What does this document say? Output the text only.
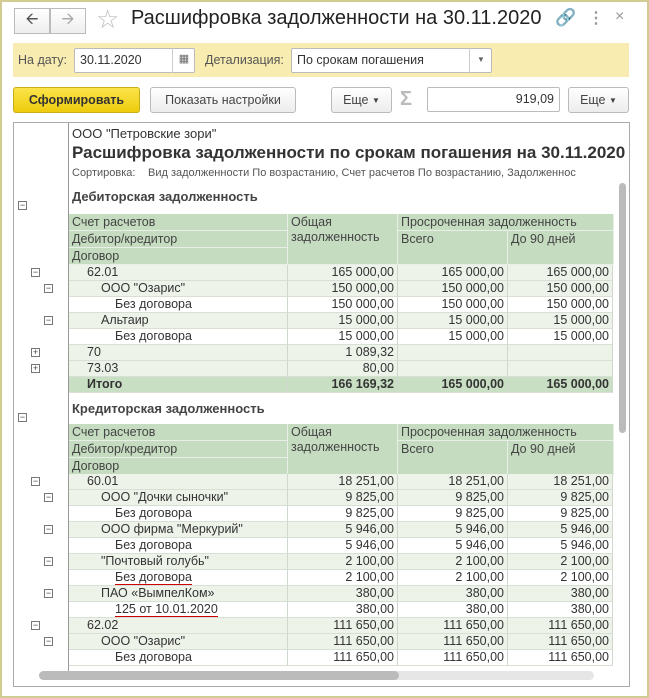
🡨 🡪 ☆ Расшифровка задолженности на 30.11.2020 🔗 ⋮ ×
На дату:	30.11.2020	▦	Детализация:	По срокам погашения	▼
Сформировать	Показать настройки	Еще
▼ Σ	919,09	Еще
▼
ООО "Петровские зори"
Расшифровка задолженности по срокам погашения на 30.11.2020
Сортировка: Вид задолженности По возрастанию, Счет расчетов По возрастанию, Задолженнос
Дебиторская задолженность
−
Счет расчетов
Дебитор/кредитор
Договор
Общая задолженность
Просроченная задолженность
Всего	До 90 дней
62.01	165 000,00	165 000,00	165 000,00
−
ООО "Озарис"	150 000,00	150 000,00	150 000,00
−
Без договора	150 000,00	150 000,00	150 000,00
Альтаир	15 000,00	15 000,00	15 000,00
−
Без договора	15 000,00	15 000,00	15 000,00
70	1 089,32
+
73.03	80,00
+
Итого	166 169,32	165 000,00	165 000,00
Кредиторская задолженность
−
Счет расчетов
Дебитор/кредитор
Договор
Общая задолженность
Просроченная задолженность
Всего	До 90 дней
60.01	18 251,00	18 251,00	18 251,00
−
ООО "Дочки сыночки"	9 825,00	9 825,00	9 825,00
−
Без договора	9 825,00	9 825,00	9 825,00
ООО фирма "Меркурий"	5 946,00	5 946,00	5 946,00
−
Без договора	5 946,00	5 946,00	5 946,00
"Почтовый голубь"	2 100,00	2 100,00	2 100,00
−
Без договора	2 100,00	2 100,00	2 100,00
ПАО «ВымпелКом»	380,00	380,00	380,00
−
125 от 10.01.2020	380,00	380,00	380,00
62.02	111 650,00	111 650,00	111 650,00
−
ООО "Озарис"	111 650,00	111 650,00	111 650,00
−
Без договора	111 650,00	111 650,00	111 650,00
